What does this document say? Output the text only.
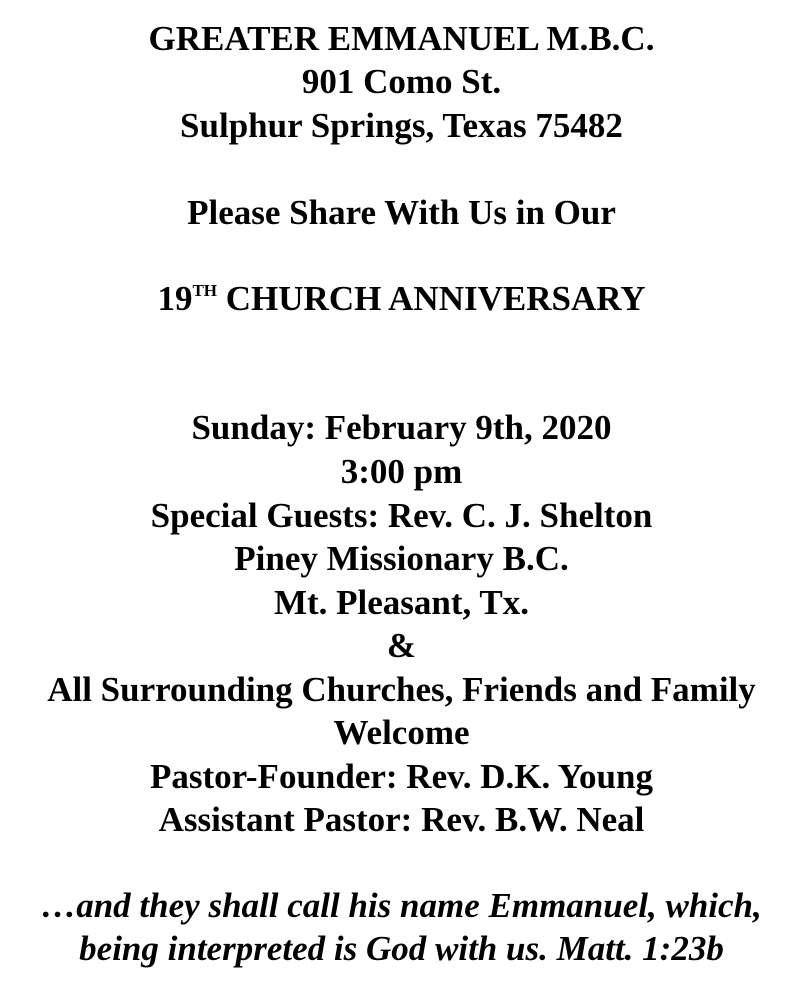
GREATER EMMANUEL M.B.C.
901 Como St.
Sulphur Springs, Texas 75482
Please Share With Us in Our
19TH CHURCH ANNIVERSARY
Sunday: February 9th, 2020
3:00 pm
Special Guests: Rev. C. J. Shelton
Piney Missionary B.C.
Mt. Pleasant, Tx.
&
All Surrounding Churches, Friends and Family
Welcome
Pastor-Founder: Rev. D.K. Young
Assistant Pastor: Rev. B.W. Neal
…and they shall call his name Emmanuel, which,
being interpreted is God with us. Matt. 1:23b
